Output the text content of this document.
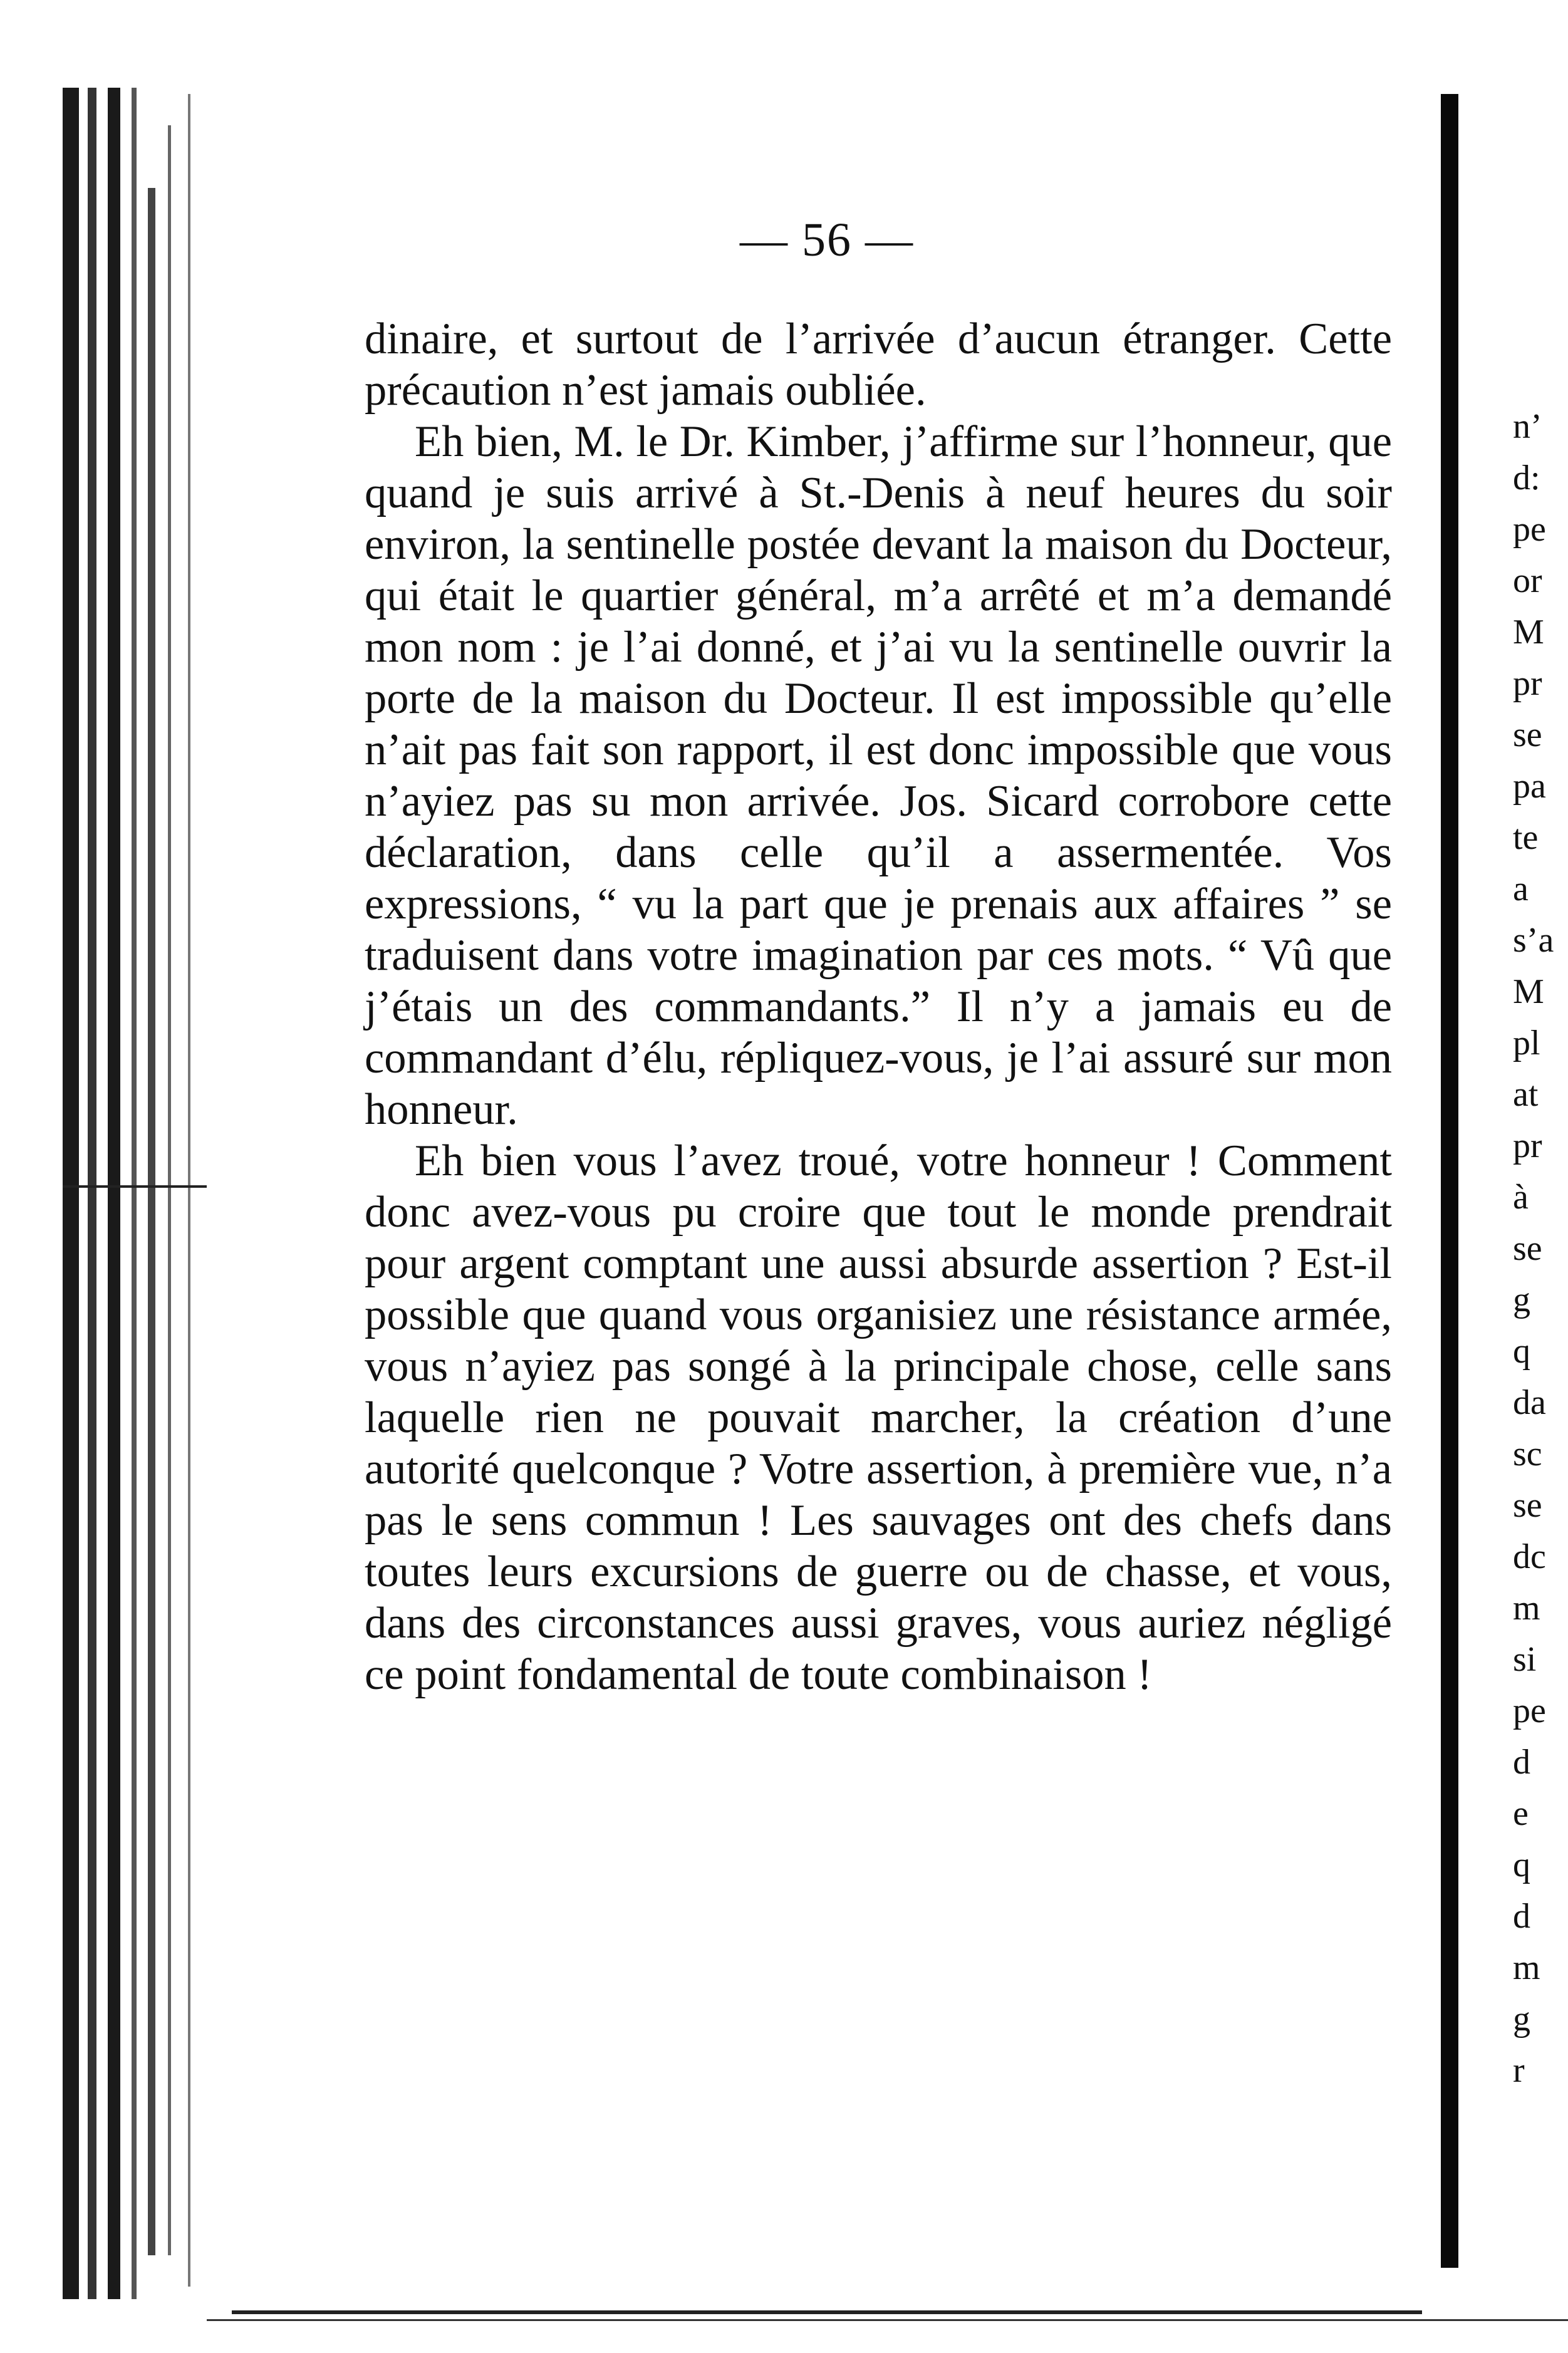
— 56 —

dinaire, et surtout de l’arrivée d’aucun étranger. Cette précaution n’est jamais oubliée.

Eh bien, M. le Dr. Kimber, j’affirme sur l’honneur, que quand je suis arrivé à St.-Denis à neuf heures du soir environ, la sentinelle postée devant la maison du Docteur, qui était le quartier général, m’a arrêté et m’a demandé mon nom : je l’ai donné, et j’ai vu la sentinelle ouvrir la porte de la maison du Docteur. Il est impossible qu’elle n’ait pas fait son rapport, il est donc impossible que vous n’ayiez pas su mon arrivée. Jos. Sicard corrobore cette déclaration, dans celle qu’il a assermentée. Vos expressions, “ vu la part que je prenais aux affaires ” se traduisent dans votre imagination par ces mots. “ Vû que j’étais un des commandants.” Il n’y a jamais eu de commandant d’élu, répliquez-vous, je l’ai assuré sur mon honneur.

Eh bien vous l’avez troué, votre honneur ! Comment donc avez-vous pu croire que tout le monde prendrait pour argent comptant une aussi absurde assertion ? Est-il possible que quand vous organisiez une résistance armée, vous n’ayiez pas songé à la principale chose, celle sans laquelle rien ne pouvait marcher, la création d’une autorité quelconque ? Votre assertion, à première vue, n’a pas le sens commun ! Les sauvages ont des chefs dans toutes leurs excursions de guerre ou de chasse, et vous, dans des circonstances aussi graves, vous auriez négligé ce point fondamental de toute combinaison !

n’
d:
pe
or
M
pr
se
pa
te
a
s’a
M
pl
at
pr
à
se
g
q
da
sc
se
dc
m
si
pe
d
e
q
d
m
g
r
